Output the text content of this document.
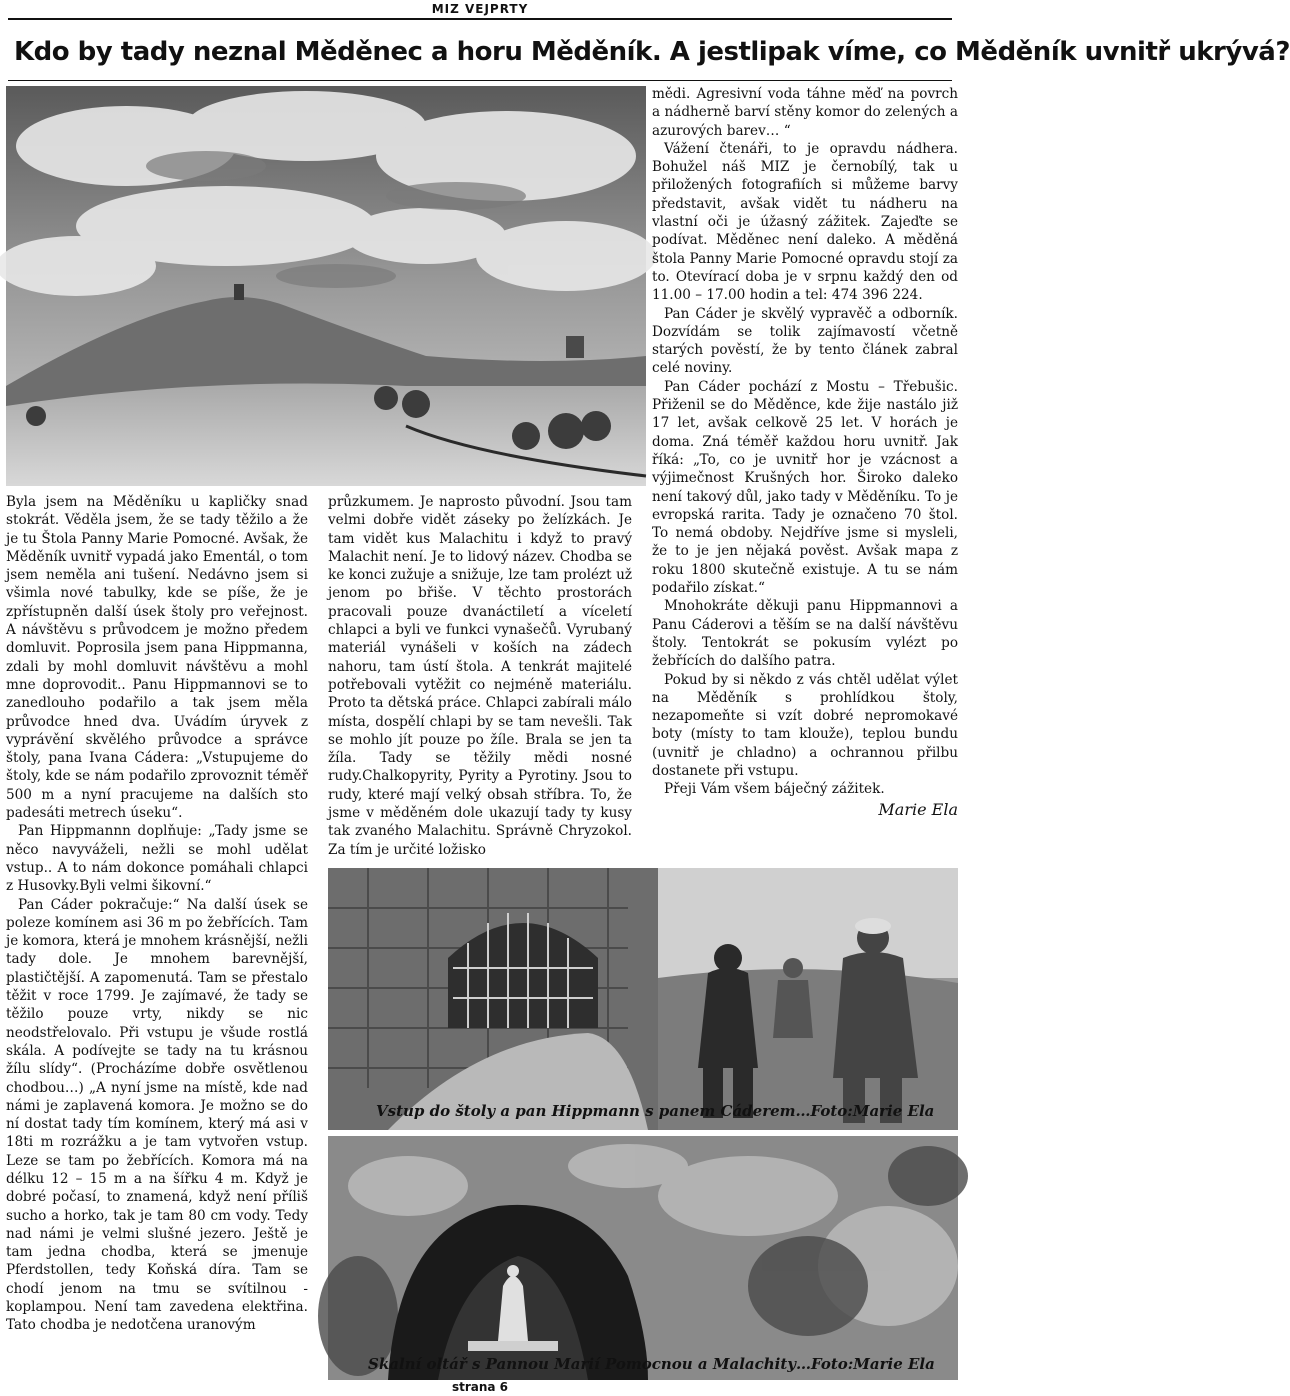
MIZ VEJPRTY
Kdo by tady neznal Měděnec a horu Měděník. A jestlipak víme, co Měděník uvnitř ukrývá?

Byla jsem na Měděníku u kapličky snad stokrát. Věděla jsem, že se tady těžilo a že je tu Štola Panny Marie Pomocné. Avšak, že Měděník uvnitř vypadá jako Ementál, o tom jsem neměla ani tušení. Nedávno jsem si všimla nové tabulky, kde se píše, že je zpřístupněn další úsek štoly pro veřejnost. A návštěvu s průvodcem je možno předem domluvit. Poprosila jsem pana Hippmanna, zdali by mohl domluvit návštěvu a mohl mne doprovodit.. Panu Hippmannovi se to zanedlouho podařilo a tak jsem měla průvodce hned dva. Uvádím úryvek z vyprávění skvělého průvodce a správce štoly, pana Ivana Cádera: „Vstupujeme do štoly, kde se nám podařilo zprovoznit téměř 500 m a nyní pracujeme na dalších sto padesáti metrech úseku“.

Pan Hippmannn doplňuje: „Tady jsme se něco navyváželi, nežli se mohl udělat vstup.. A to nám dokonce pomáhali chlapci z Husovky.Byli velmi šikovní.“

Pan Cáder pokračuje:“ Na další úsek se poleze komínem asi 36 m po žebřících. Tam je komora, která je mnohem krásnější, nežli tady dole. Je mnohem barevnější, plastičtější. A zapomenutá. Tam se přestalo těžit v roce 1799. Je zajímavé, že tady se těžilo pouze vrty, nikdy se nic neodstřelovalo. Při vstupu je všude rostlá skála. A podívejte se tady na tu krásnou žílu slídy“. (Procházíme dobře osvětlenou chodbou…) „A nyní jsme na místě, kde nad námi je zaplavená komora. Je možno se do ní dostat tady tím komínem, který má asi v 18ti m rozrážku a je tam vytvořen vstup. Leze se tam po žebřících. Komora má na délku 12 – 15 m a na šířku 4 m. Když je dobré počasí, to znamená, když není příliš sucho a horko, tak je tam 80 cm vody. Tedy nad námi je velmi slušné jezero. Ještě je tam jedna chodba, která se jmenuje Pferdstollen, tedy Koňská díra. Tam se chodí jenom na tmu se svítilnou - koplampou. Není tam zavedena elektřina. Tato chodba je nedotčena uranovým

průzkumem. Je naprosto původní. Jsou tam velmi dobře vidět záseky po želízkách. Je tam vidět kus Malachitu i když to pravý Malachit není. Je to lidový název. Chodba se ke konci zužuje a snižuje, lze tam prolézt už jenom po břiše. V těchto prostorách pracovali pouze dvanáctiletí a víceletí chlapci a byli ve funkci vynašečů. Vyrubaný materiál vynášeli v koších na zádech nahoru, tam ústí štola. A tenkrát majitelé potřebovali vytěžit co nejméně materiálu. Proto ta dětská práce. Chlapci zabírali málo místa, dospělí chlapi by se tam nevešli. Tak se mohlo jít pouze po žíle. Brala se jen ta žíla. Tady se těžily mědi nosné rudy.Chalkopyrity, Pyrity a Pyrotiny. Jsou to rudy, které mají velký obsah stříbra. To, že jsme v měděném dole ukazují tady ty kusy tak zvaného Malachitu. Správně Chryzokol. Za tím je určité ložisko

mědi. Agresivní voda táhne měď na povrch a nádherně barví stěny komor do zelených a azurových barev… “

Vážení čtenáři, to je opravdu nádhera. Bohužel náš MIZ je černobílý, tak u přiložených fotografiích si můžeme barvy představit, avšak vidět tu nádheru na vlastní oči je úžasný zážitek. Zajeďte se podívat. Měděnec není daleko. A měděná štola Panny Marie Pomocné opravdu stojí za to. Otevírací doba je v srpnu každý den od 11.00 – 17.00 hodin a tel: 474 396 224.

Pan Cáder je skvělý vypravěč a odborník. Dozvídám se tolik zajímavostí včetně starých pověstí, že by tento článek zabral celé noviny.

Pan Cáder pochází z Mostu – Třebušic. Přiženil se do Měděnce, kde žije nastálo již 17 let, avšak celkově 25 let. V horách je doma. Zná téměř každou horu uvnitř. Jak říká: „To, co je uvnitř hor je vzácnost a výjimečnost Krušných hor. Široko daleko není takový důl, jako tady v Měděníku. To je evropská rarita. Tady je označeno 70 štol. To nemá obdoby. Nejdříve jsme si mysleli, že to je jen nějaká pověst. Avšak mapa z roku 1800 skutečně existuje. A tu se nám podařilo získat.“

Mnohokráte děkuji panu Hippmannovi a Panu Cáderovi a těším se na další návštěvu štoly. Tentokrát se pokusím vylézt po žebřících do dalšího patra.

Pokud by si někdo z vás chtěl udělat výlet na Měděník s prohlídkou štoly, nezapomeňte si vzít dobré nepromokavé boty (místy to tam klouže), teplou bundu (uvnitř je chladno) a ochrannou přilbu dostanete při vstupu.

Přeji Vám všem báječný zážitek.

Marie Ela
Vstup do štoly a pan Hippmann s panem Cáderem…Foto:Marie Ela
Skalní oltář s Pannou Marií Pomocnou a Malachity…Foto:Marie Ela
strana 6
